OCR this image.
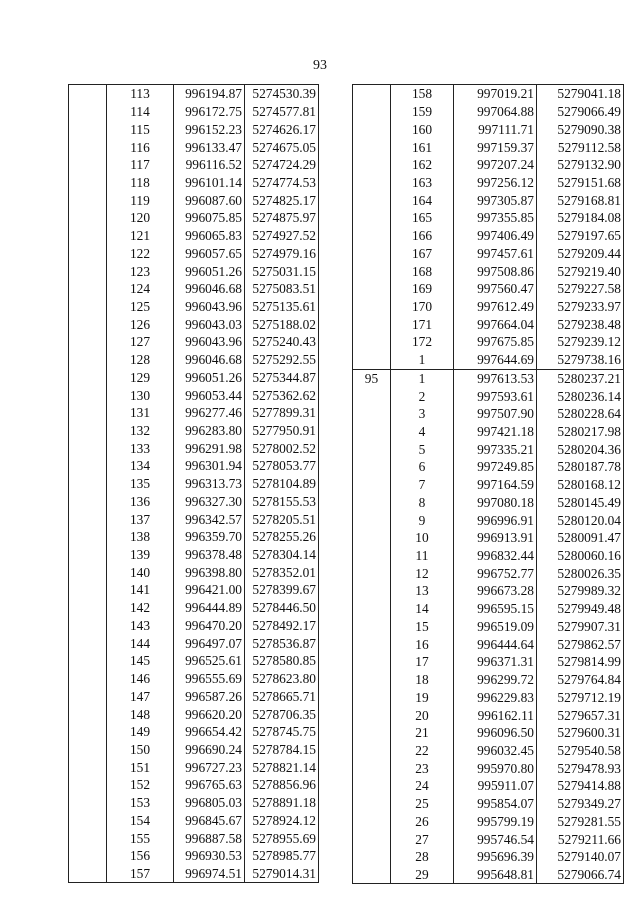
93
	113	996194.87	5274530.39
	114	996172.75	5274577.81
	115	996152.23	5274626.17
	116	996133.47	5274675.05
	117	996116.52	5274724.29
	118	996101.14	5274774.53
	119	996087.60	5274825.17
	120	996075.85	5274875.97
	121	996065.83	5274927.52
	122	996057.65	5274979.16
	123	996051.26	5275031.15
	124	996046.68	5275083.51
	125	996043.96	5275135.61
	126	996043.03	5275188.02
	127	996043.96	5275240.43
	128	996046.68	5275292.55
	129	996051.26	5275344.87
	130	996053.44	5275362.62
	131	996277.46	5277899.31
	132	996283.80	5277950.91
	133	996291.98	5278002.52
	134	996301.94	5278053.77
	135	996313.73	5278104.89
	136	996327.30	5278155.53
	137	996342.57	5278205.51
	138	996359.70	5278255.26
	139	996378.48	5278304.14
	140	996398.80	5278352.01
	141	996421.00	5278399.67
	142	996444.89	5278446.50
	143	996470.20	5278492.17
	144	996497.07	5278536.87
	145	996525.61	5278580.85
	146	996555.69	5278623.80
	147	996587.26	5278665.71
	148	996620.20	5278706.35
	149	996654.42	5278745.75
	150	996690.24	5278784.15
	151	996727.23	5278821.14
	152	996765.63	5278856.96
	153	996805.03	5278891.18
	154	996845.67	5278924.12
	155	996887.58	5278955.69
	156	996930.53	5278985.77
	157	996974.51	5279014.31
	158	997019.21	5279041.18
	159	997064.88	5279066.49
	160	997111.71	5279090.38
	161	997159.37	5279112.58
	162	997207.24	5279132.90
	163	997256.12	5279151.68
	164	997305.87	5279168.81
	165	997355.85	5279184.08
	166	997406.49	5279197.65
	167	997457.61	5279209.44
	168	997508.86	5279219.40
	169	997560.47	5279227.58
	170	997612.49	5279233.97
	171	997664.04	5279238.48
	172	997675.85	5279239.12
	1	997644.69	5279738.16
95	1	997613.53	5280237.21
	2	997593.61	5280236.14
	3	997507.90	5280228.64
	4	997421.18	5280217.98
	5	997335.21	5280204.36
	6	997249.85	5280187.78
	7	997164.59	5280168.12
	8	997080.18	5280145.49
	9	996996.91	5280120.04
	10	996913.91	5280091.47
	11	996832.44	5280060.16
	12	996752.77	5280026.35
	13	996673.28	5279989.32
	14	996595.15	5279949.48
	15	996519.09	5279907.31
	16	996444.64	5279862.57
	17	996371.31	5279814.99
	18	996299.72	5279764.84
	19	996229.83	5279712.19
	20	996162.11	5279657.31
	21	996096.50	5279600.31
	22	996032.45	5279540.58
	23	995970.80	5279478.93
	24	995911.07	5279414.88
	25	995854.07	5279349.27
	26	995799.19	5279281.55
	27	995746.54	5279211.66
	28	995696.39	5279140.07
	29	995648.81	5279066.74
